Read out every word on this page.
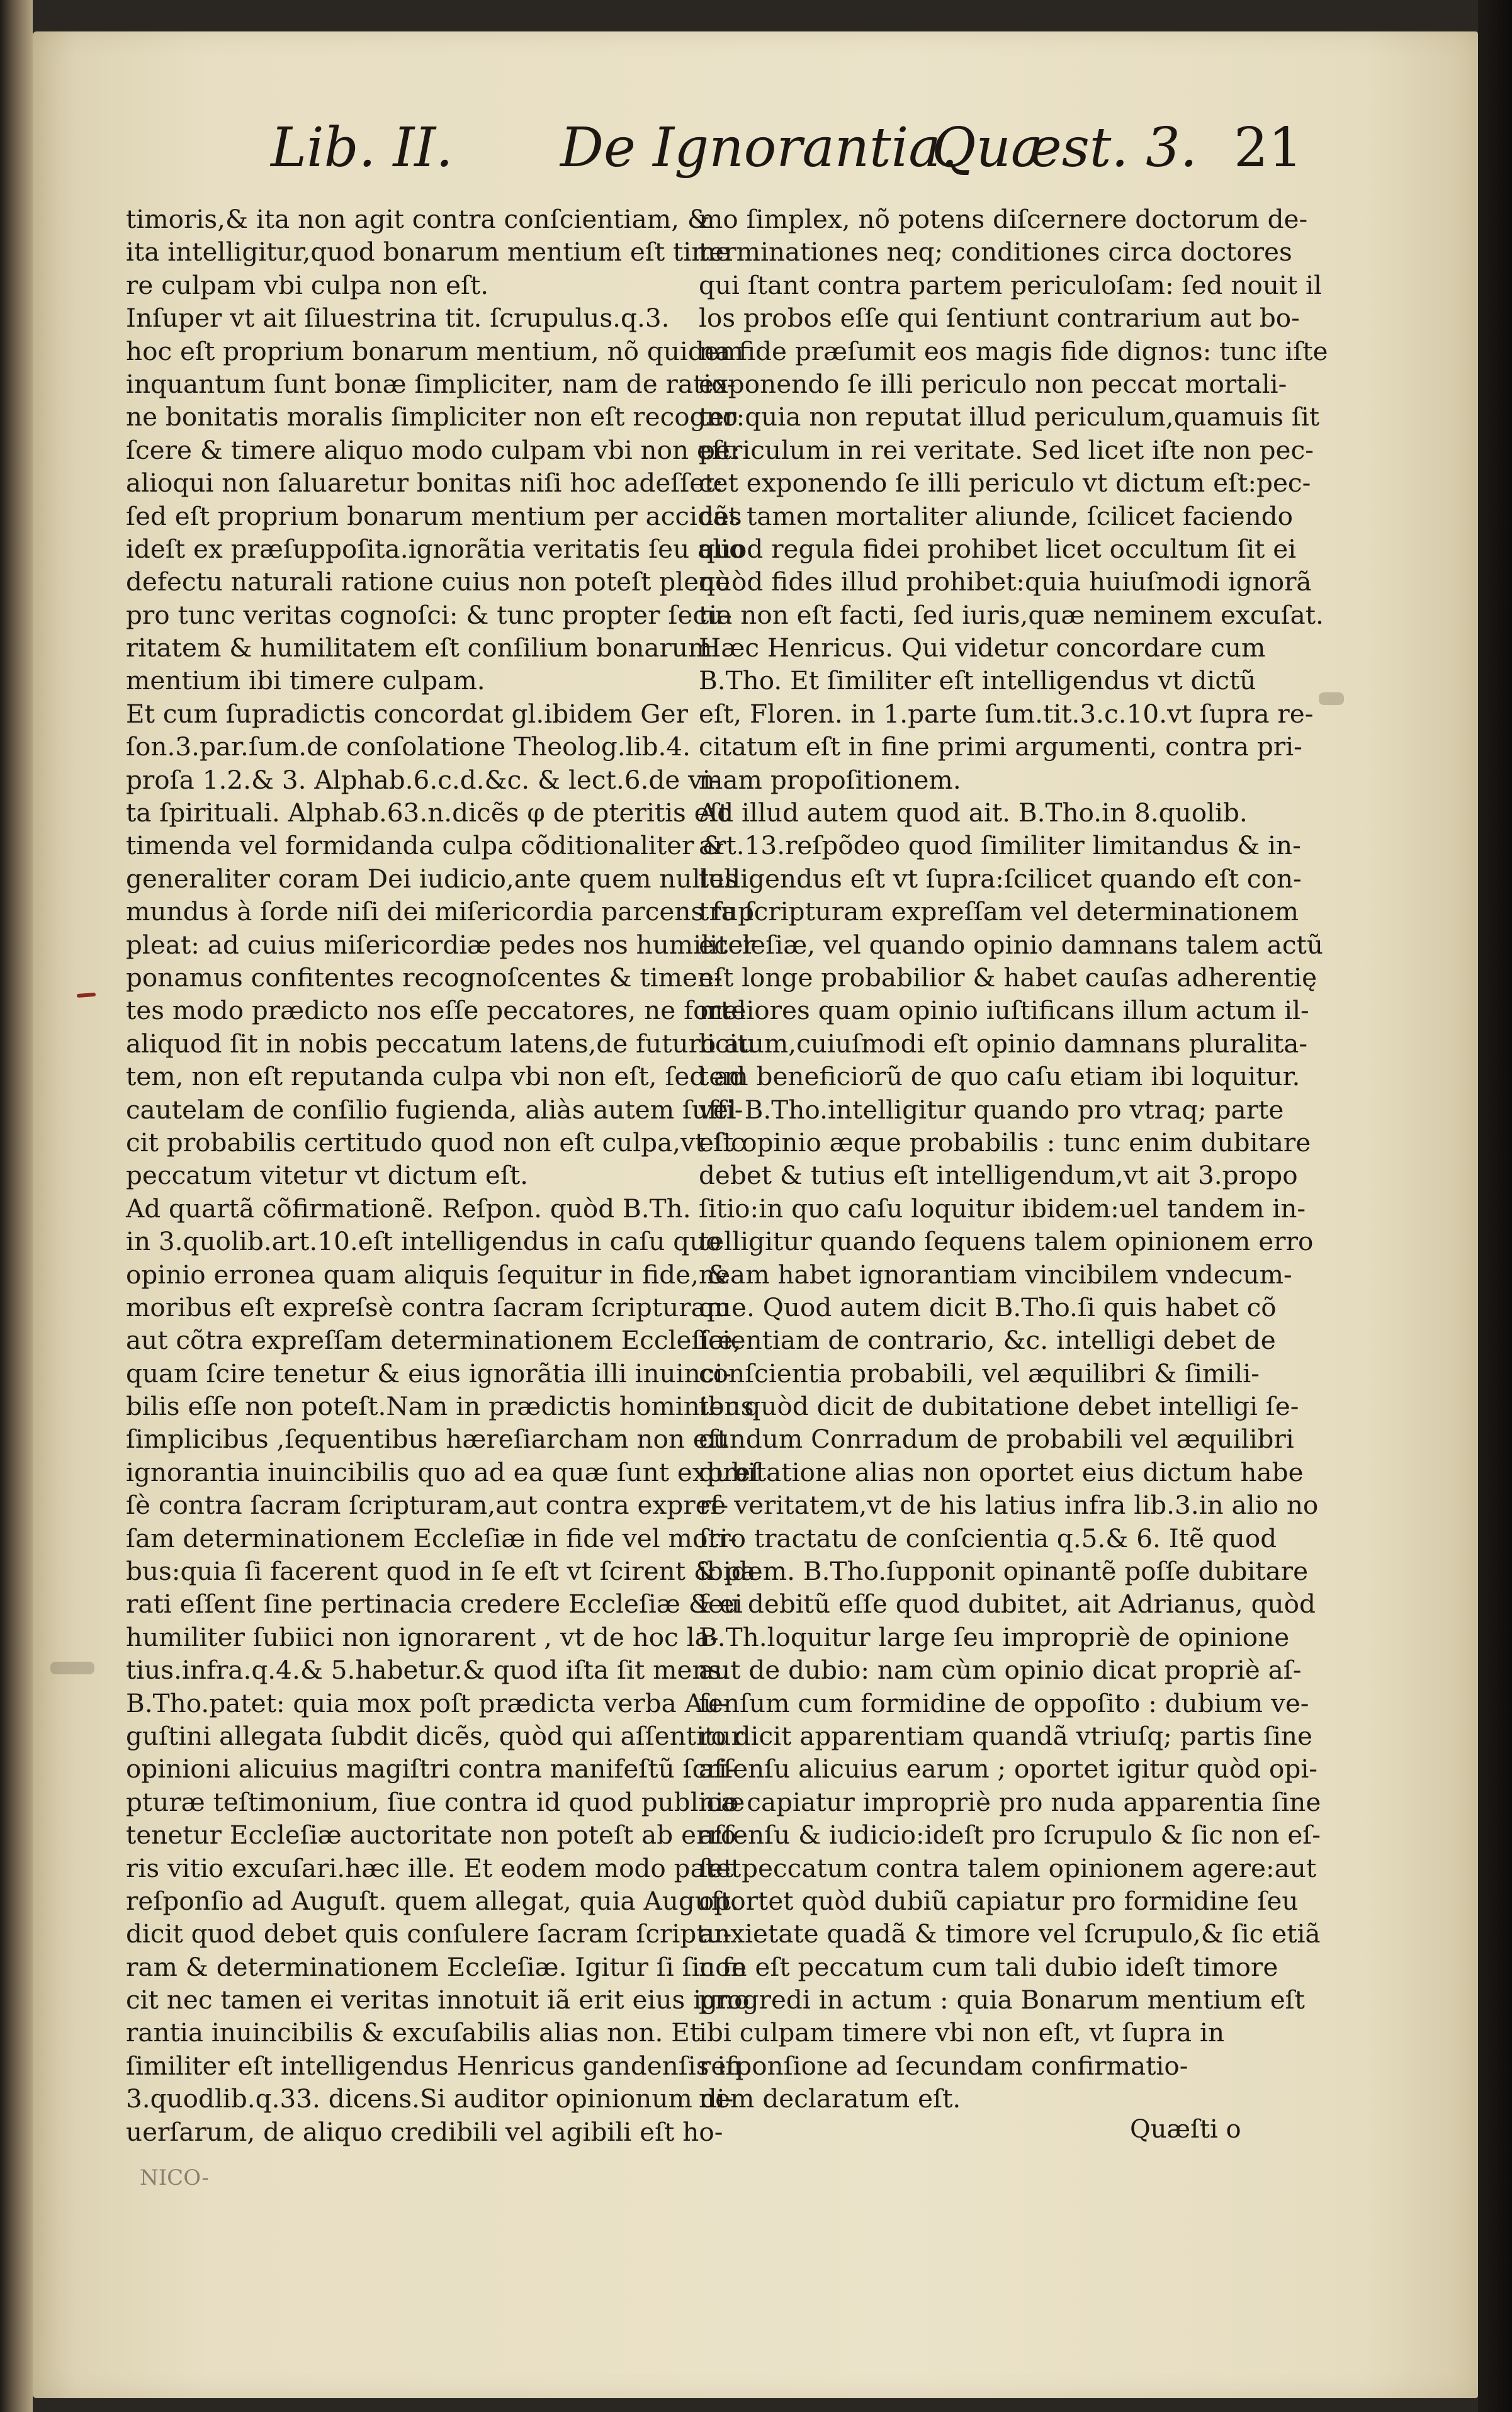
Lib. II. De Ignorantia.
Quæst. 3. 21
timoris,& ita non agit contra conſcientiam, &
ita intelligitur,quod bonarum mentium eſt time
re culpam vbi culpa non eſt.
Inſuper vt ait ſiluestrina tit. ſcrupulus.q.3.
hoc eſt proprium bonarum mentium, nõ quidem
inquantum ſunt bonæ ſimpliciter, nam de ratio-
ne bonitatis moralis ſimpliciter non eſt recogno
ſcere & timere aliquo modo culpam vbi non eſt:
alioqui non ſaluaretur bonitas niſi hoc adeſſet:
ſed eſt proprium bonarum mentium per accidẽs
ideſt ex præſuppoſita.ignorãtia veritatis ſeu alio
defectu naturali ratione cuius non poteſt plenè
pro tunc veritas cognoſci: & tunc propter ſecu-
ritatem & humilitatem eſt conſilium bonarum
mentium ibi timere culpam.
Et cum ſupradictis concordat gl.ibidem Ger
ſon.3.par.ſum.de conſolatione Theolog.lib.4.
proſa 1.2.& 3. Alphab.6.c.d.&c. & lect.6.de vi-
ta ſpirituali. Alphab.63.n.dicẽs φ de pteritis eſt
timenda vel formidanda culpa cõditionaliter &
generaliter coram Dei iudicio,ante quem nullus
mundus à ſorde niſi dei miſericordia parcens ſup
pleat: ad cuius miſericordiæ pedes nos humiliter
ponamus confitentes recognoſcentes & timen-
tes modo prædicto nos eſſe peccatores, ne forte
aliquod ſit in nobis peccatum latens,de futuro au
tem, non eſt reputanda culpa vbi non eſt, ſed ad
cautelam de conſilio fugienda, aliàs autem ſuffi-
cit probabilis certitudo quod non eſt culpa,vt ſic
peccatum vitetur vt dictum eſt.
Ad quartã cõfirmationẽ. Reſpon. quòd B.Th.
in 3.quolib.art.10.eſt intelligendus in caſu quo
opinio erronea quam aliquis ſequitur in fide, &
moribus eſt expreſsè contra ſacram ſcripturam
aut cõtra expreſſam determinationem Eccleſiæ,
quam ſcire tenetur & eius ignorãtia illi inuinci-
bilis eſſe non poteſt.Nam in prædictis hominibus
ſimplicibus ,ſequentibus hæreſiarcham non eſt
ignorantia inuincibilis quo ad ea quæ ſunt expreſ
ſè contra ſacram ſcripturam,aut contra expreſ-
ſam determinationem Eccleſiæ in fide vel mori-
bus:quia ſi facerent quod in ſe eſt vt ſcirent & pa
rati eſſent ſine pertinacia credere Eccleſiæ & ei
humiliter ſubiici non ignorarent , vt de hoc la-
tius.infra.q.4.& 5.habetur.& quod iſta ſit mens.
B.Tho.patet: quia mox poſt prædicta verba Au-
guſtini allegata ſubdit dicẽs, quòd qui aſſentitur
opinioni alicuius magiſtri contra manifeſtũ ſcri-
pturæ teſtimonium, ſiue contra id quod publicæ
tenetur Eccleſiæ auctoritate non poteſt ab erro-
ris vitio excuſari.hæc ille. Et eodem modo patet
reſponſio ad Auguſt. quem allegat, quia Auguſt.
dicit quod debet quis conſulere ſacram ſcriptu-
ram & determinationem Eccleſiæ. Igitur ſi ſic fe
cit nec tamen ei veritas innotuit iã erit eius igno
rantia inuincibilis & excuſabilis alias non. Et
ſimiliter eſt intelligendus Henricus gandenſis in
3.quodlib.q.33. dicens.Si auditor opinionum di-
uerſarum, de aliquo credibili vel agibili eſt ho-
mo ſimplex, nõ potens diſcernere doctorum de-
terminationes neq; conditiones circa doctores
qui ſtant contra partem periculoſam: ſed nouit il
los probos eſſe qui ſentiunt contrarium aut bo-
na fide præſumit eos magis fide dignos: tunc iſte
exponendo ſe illi periculo non peccat mortali-
ter:quia non reputat illud periculum,quamuis ſit
periculum in rei veritate. Sed licet iſte non pec-
cet exponendo ſe illi periculo vt dictum eſt:pec-
cat tamen mortaliter aliunde, ſcilicet faciendo
quod regula fidei prohibet licet occultum ſit ei
quòd fides illud prohibet:quia huiuſmodi ignorã
tia non eſt facti, ſed iuris,quæ neminem excuſat.
Hæc Henricus. Qui videtur concordare cum
B.Tho. Et ſimiliter eſt intelligendus vt dictũ
eſt, Floren. in 1.parte ſum.tit.3.c.10.vt ſupra re-
citatum eſt in fine primi argumenti, contra pri-
mam propoſitionem.
Ad illud autem quod ait. B.Tho.in 8.quolib.
art.13.reſpõdeo quod ſimiliter limitandus & in-
telligendus eſt vt ſupra:ſcilicet quando eſt con-
tra ſcripturam expreſſam vel determinationem
eccleſiæ, vel quando opinio damnans talem actũ
eſt longe probabilior & habet cauſas adherentię
meliores quam opinio iuſtificans illum actum il-
licitum,cuiuſmodi eſt opinio damnans pluralita-
tem beneficiorũ de quo caſu etiam ibi loquitur.
vel B.Tho.intelligitur quando pro vtraq; parte
eſt opinio æque probabilis : tunc enim dubitare
debet & tutius eſt intelligendum,vt ait 3.propo
ſitio:in quo caſu loquitur ibidem:uel tandem in-
telligitur quando ſequens talem opinionem erro
neam habet ignorantiam vincibilem vndecum-
que. Quod autem dicit B.Tho.ſi quis habet cõ
ſcientiam de contrario, &c. intelligi debet de
conſcientia probabili, vel æquilibri & ſimili-
ter quòd dicit de dubitatione debet intelligi ſe-
cundum Conrradum de probabili vel æquilibri
dubitatione alias non oportet eius dictum habe
re veritatem,vt de his latius infra lib.3.in alio no
ſtro tractatu de conſcientia q.5.& 6. Itẽ quod
ibidem. B.Tho.ſupponit opinantẽ poſſe dubitare
ſeu debitũ eſſe quod dubitet, ait Adrianus, quòd
B.Th.loquitur large ſeu impropriè de opinione
aut de dubio: nam cùm opinio dicat propriè aſ-
ſenſum cum formidine de oppoſito : dubium ve-
ro dicit apparentiam quandã vtriuſq; partis ſine
aſſenſu alicuius earum ; oportet igitur quòd opi-
nio capiatur impropriè pro nuda apparentia ſine
aſſenſu & iudicio:ideſt pro ſcrupulo & ſic non eſ-
ſet peccatum contra talem opinionem agere:aut
oportet quòd dubiũ capiatur pro formidine ſeu
anxietate quadã & timore vel ſcrupulo,& ſic etiã
non eſt peccatum cum tali dubio ideſt timore
progredi in actum : quia Bonarum mentium eſt
ibi culpam timere vbi non eſt, vt ſupra in
reſponſione ad ſecundam confirmatio-
nem declaratum eſt.
Quæſti o
NICO-
